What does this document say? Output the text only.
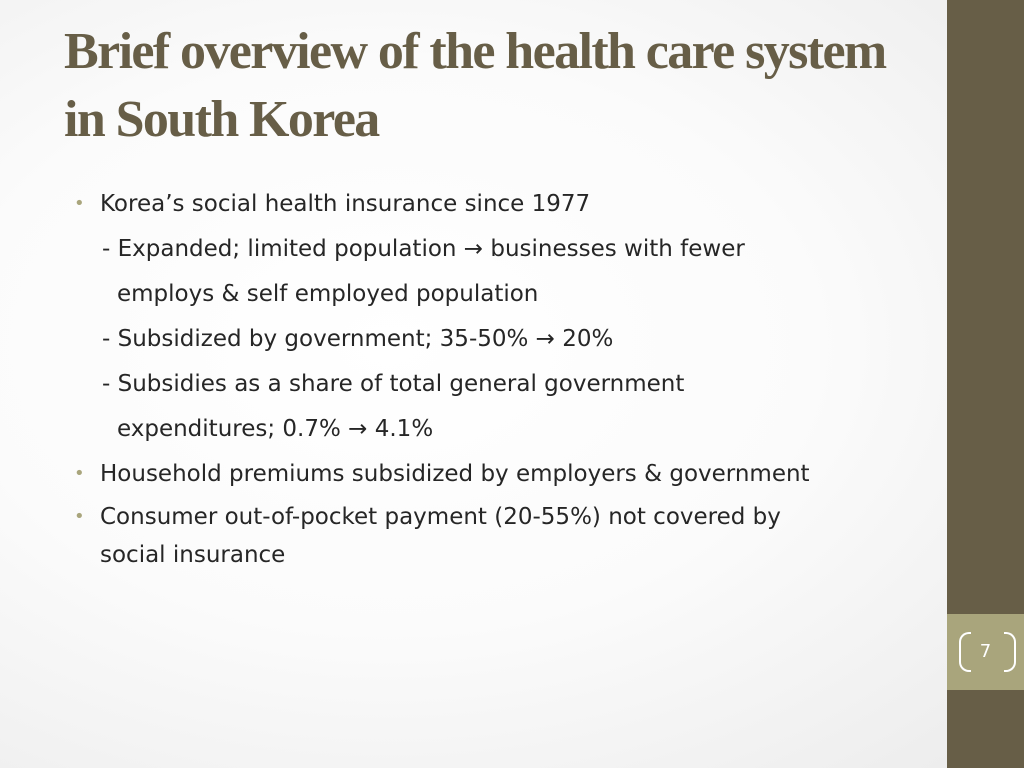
Brief overview of the health care system in South Korea
• Korea’s social health insurance since 1977
- Expanded; limited population → businesses with fewer
employs & self employed population
- Subsidized by government; 35-50% → 20%
- Subsidies as a share of total general government
expenditures; 0.7% → 4.1%
• Household premiums subsidized by employers & government
• Consumer out-of-pocket payment (20-55%) not covered by
social insurance
7
